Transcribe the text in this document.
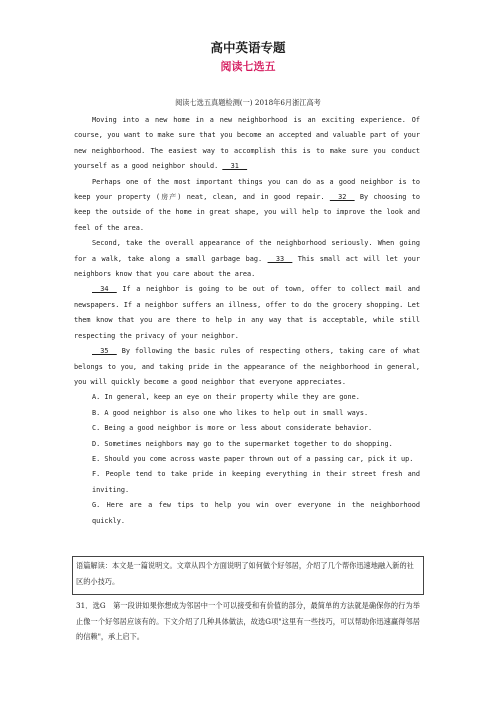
高中英语专题
阅读七选五
阅读七选五真题检测(一) 2018年6月浙江高考

Moving into a new home in a new neighborhood is an exciting experience. Of course, you want to make sure that you become an accepted and valuable part of your new neighborhood. The easiest way to accomplish this is to make sure you conduct yourself as a good neighbor should. __31__

Perhaps one of the most important things you can do as a good neighbor is to keep your property (房产) neat, clean, and in good repair. __32__ By choosing to keep the outside of the home in great shape, you will help to improve the look and feel of the area.

Second, take the overall appearance of the neighborhood seriously. When going for a walk, take along a small garbage bag. __33__ This small act will let your neighbors know that you care about the area.

__34__ If a neighbor is going to be out of town, offer to collect mail and newspapers. If a neighbor suffers an illness, offer to do the grocery shopping. Let them know that you are there to help in any way that is acceptable, while still respecting the privacy of your neighbor.

__35__ By following the basic rules of respecting others, taking care of what belongs to you, and taking pride in the appearance of the neighborhood in general, you will quickly become a good neighbor that everyone appreciates.

A. In general, keep an eye on their property while they are gone.

B. A good neighbor is also one who likes to help out in small ways.

C. Being a good neighbor is more or less about considerate behavior.

D. Sometimes neighbors may go to the supermarket together to do shopping.

E. Should you come across waste paper thrown out of a passing car, pick it up.

F. People tend to take pride in keeping everything in their street fresh and inviting.

G. Here are a few tips to help you win over everyone in the neighborhood quickly.

语篇解读：本文是一篇说明文。文章从四个方面说明了如何做个好邻居，介绍了几个帮你迅速地融入新的社区的小技巧。
31．选G　第一段讲如果你想成为邻居中一个可以接受和有价值的部分，最简单的方法就是确保你的行为举止像一个好邻居应该有的。下文介绍了几种具体做法，故选G项"这里有一些技巧，可以帮助你迅速赢得邻居的信赖"，承上启下。
